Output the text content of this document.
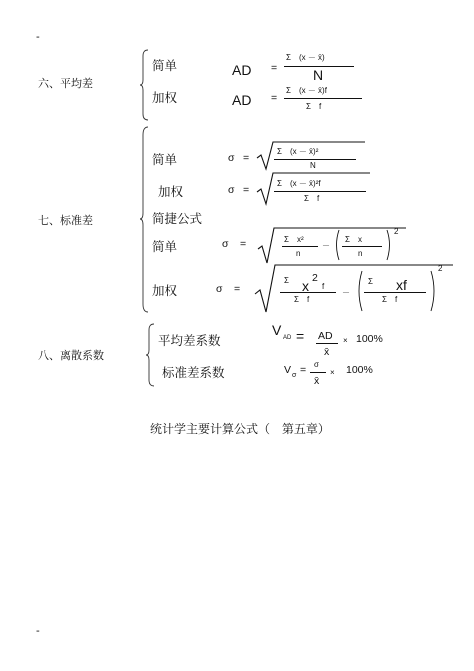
-
-
六、平均差
简单	AD =
Σ　(x － x̄)
N
加权	AD =
Σ　(x － x̄)f
Σ　f
七、标准差
简单	σ =
Σ　(x － x̄)²
N
加权	σ =
Σ　(x － x̄)²f
Σ　f
简捷公式
简单	σ =	Σ　x²
n
－
Σ　x
n
2
加权	σ =
Σ x 2
f
Σ　f
－
Σ xf
Σ　f
2
八、离散系数
平均差系数
V AD = AD
x̄
× 100%
标准差系数	V σ = σ
x̄
× 100%
统计学主要计算公式（ 第五章）
